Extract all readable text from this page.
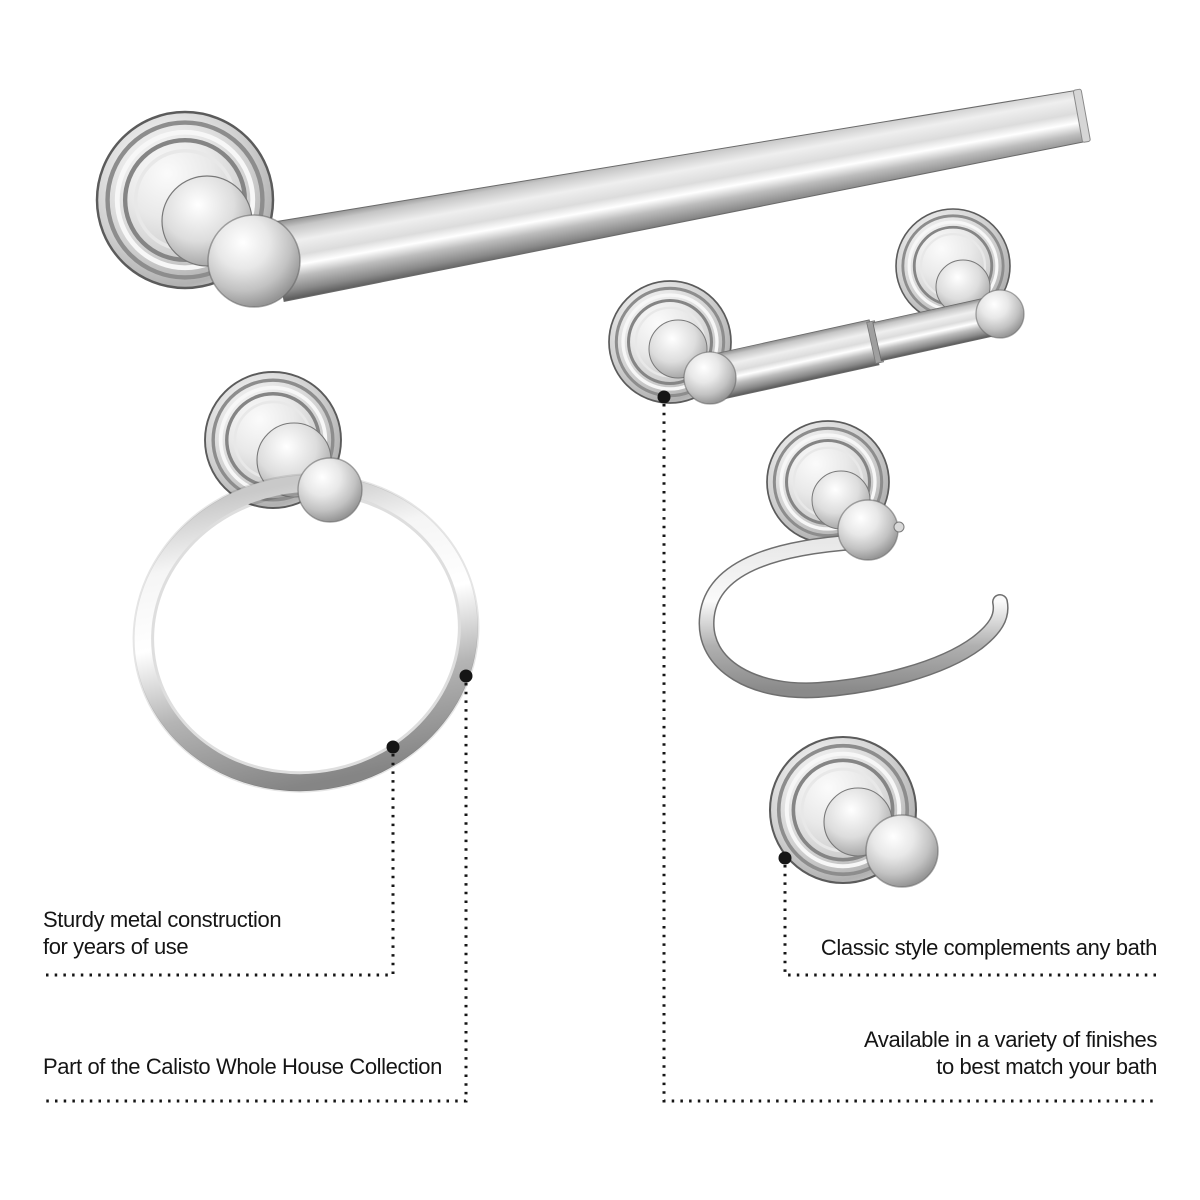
Sturdy metal construction
for years of use
Part of the Calisto Whole House Collection
Classic style complements any bath
Available in a variety of finishes
to best match your bath
